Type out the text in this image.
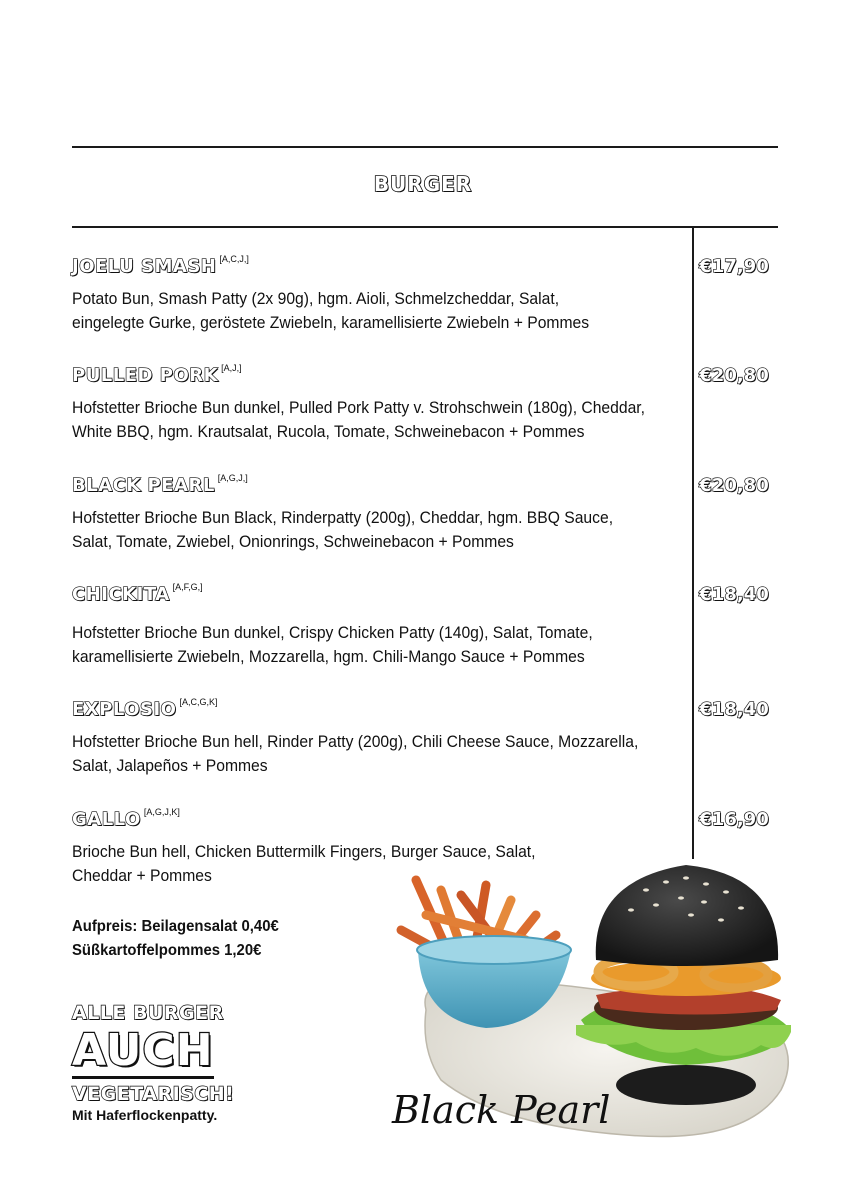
BURGER
JOELU SMASH [A,C,J,]	€17,90
Potato Bun, Smash Patty (2x 90g), hgm. Aioli, Schmelzcheddar, Salat,
eingelegte Gurke, geröstete Zwiebeln, karamellisierte Zwiebeln + Pommes
PULLED PORK [A,J,]	€20,80
Hofstetter Brioche Bun dunkel, Pulled Pork Patty v. Strohschwein (180g), Cheddar,
White BBQ, hgm. Krautsalat, Rucola, Tomate, Schweinebacon + Pommes
BLACK PEARL [A,G,J,]	€20,80
Hofstetter Brioche Bun Black, Rinderpatty (200g), Cheddar, hgm. BBQ Sauce,
Salat, Tomate, Zwiebel, Onionrings, Schweinebacon + Pommes
CHICKITA [A,F,G,]	€18,40
Hofstetter Brioche Bun dunkel, Crispy Chicken Patty (140g), Salat, Tomate,
karamellisierte Zwiebeln, Mozzarella, hgm. Chili-Mango Sauce + Pommes
EXPLOSIO [A,C,G,K]	€18,40
Hofstetter Brioche Bun hell, Rinder Patty (200g), Chili Cheese Sauce, Mozzarella,
Salat, Jalapeños + Pommes
GALLO [A,G,J,K]	€16,90
Brioche Bun hell, Chicken Buttermilk Fingers, Burger Sauce, Salat,
Cheddar + Pommes
Aufpreis: Beilagensalat 0,40€
Süßkartoffelpommes 1,20€
ALLE BURGER
AUCH
VEGETARISCH!
Mit Haferflockenpatty.	Black Pearl
